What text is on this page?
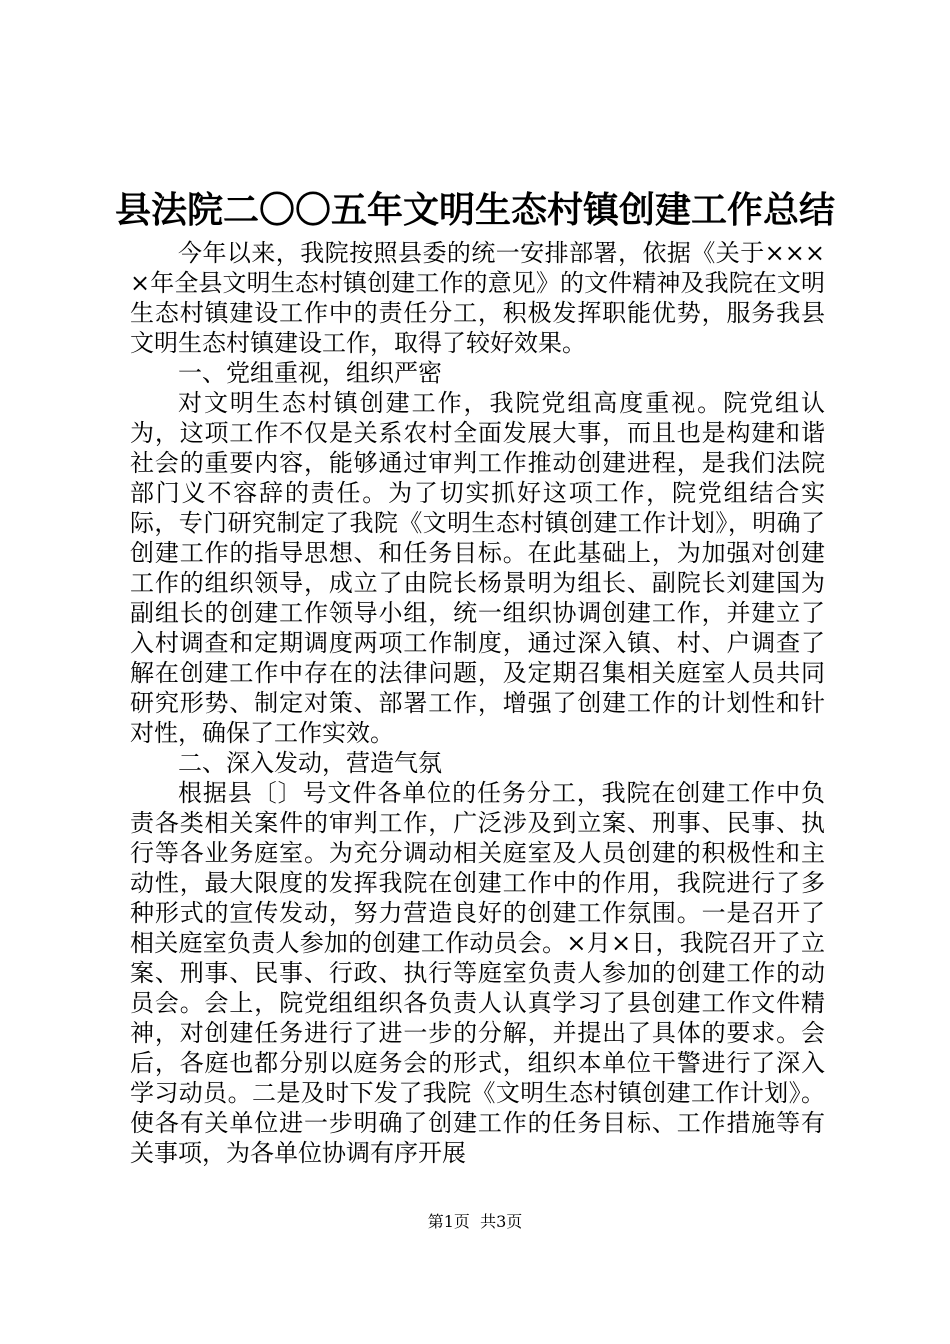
县法院二〇〇五年文明生态村镇创建工作总结

今年以来，我院按照县委的统一安排部署，依据《关于××××年全县文明生态村镇创建工作的意见》的文件精神及我院在文明生态村镇建设工作中的责任分工，积极发挥职能优势，服务我县文明生态村镇建设工作，取得了较好效果。

一、党组重视，组织严密

对文明生态村镇创建工作，我院党组高度重视。院党组认为，这项工作不仅是关系农村全面发展大事，而且也是构建和谐社会的重要内容，能够通过审判工作推动创建进程，是我们法院部门义不容辞的责任。为了切实抓好这项工作，院党组结合实际，专门研究制定了我院《文明生态村镇创建工作计划》，明确了创建工作的指导思想、和任务目标。在此基础上，为加强对创建工作的组织领导，成立了由院长杨景明为组长、副院长刘建国为副组长的创建工作领导小组，统一组织协调创建工作，并建立了入村调查和定期调度两项工作制度，通过深入镇、村、户调查了解在创建工作中存在的法律问题，及定期召集相关庭室人员共同研究形势、制定对策、部署工作，增强了创建工作的计划性和针对性，确保了工作实效。

二、深入发动，营造气氛

根据县〔〕号文件各单位的任务分工，我院在创建工作中负责各类相关案件的审判工作，广泛涉及到立案、刑事、民事、执行等各业务庭室。为充分调动相关庭室及人员创建的积极性和主动性，最大限度的发挥我院在创建工作中的作用，我院进行了多种形式的宣传发动，努力营造良好的创建工作氛围。一是召开了相关庭室负责人参加的创建工作动员会。×月×日，我院召开了立案、刑事、民事、行政、执行等庭室负责人参加的创建工作的动员会。会上，院党组组织各负责人认真学习了县创建工作文件精神，对创建任务进行了进一步的分解，并提出了具体的要求。会后，各庭也都分别以庭务会的形式，组织本单位干警进行了深入学习动员。二是及时下发了我院《文明生态村镇创建工作计划》。使各有关单位进一步明确了创建工作的任务目标、工作措施等有关事项，为各单位协调有序开展

第1页  共3页
